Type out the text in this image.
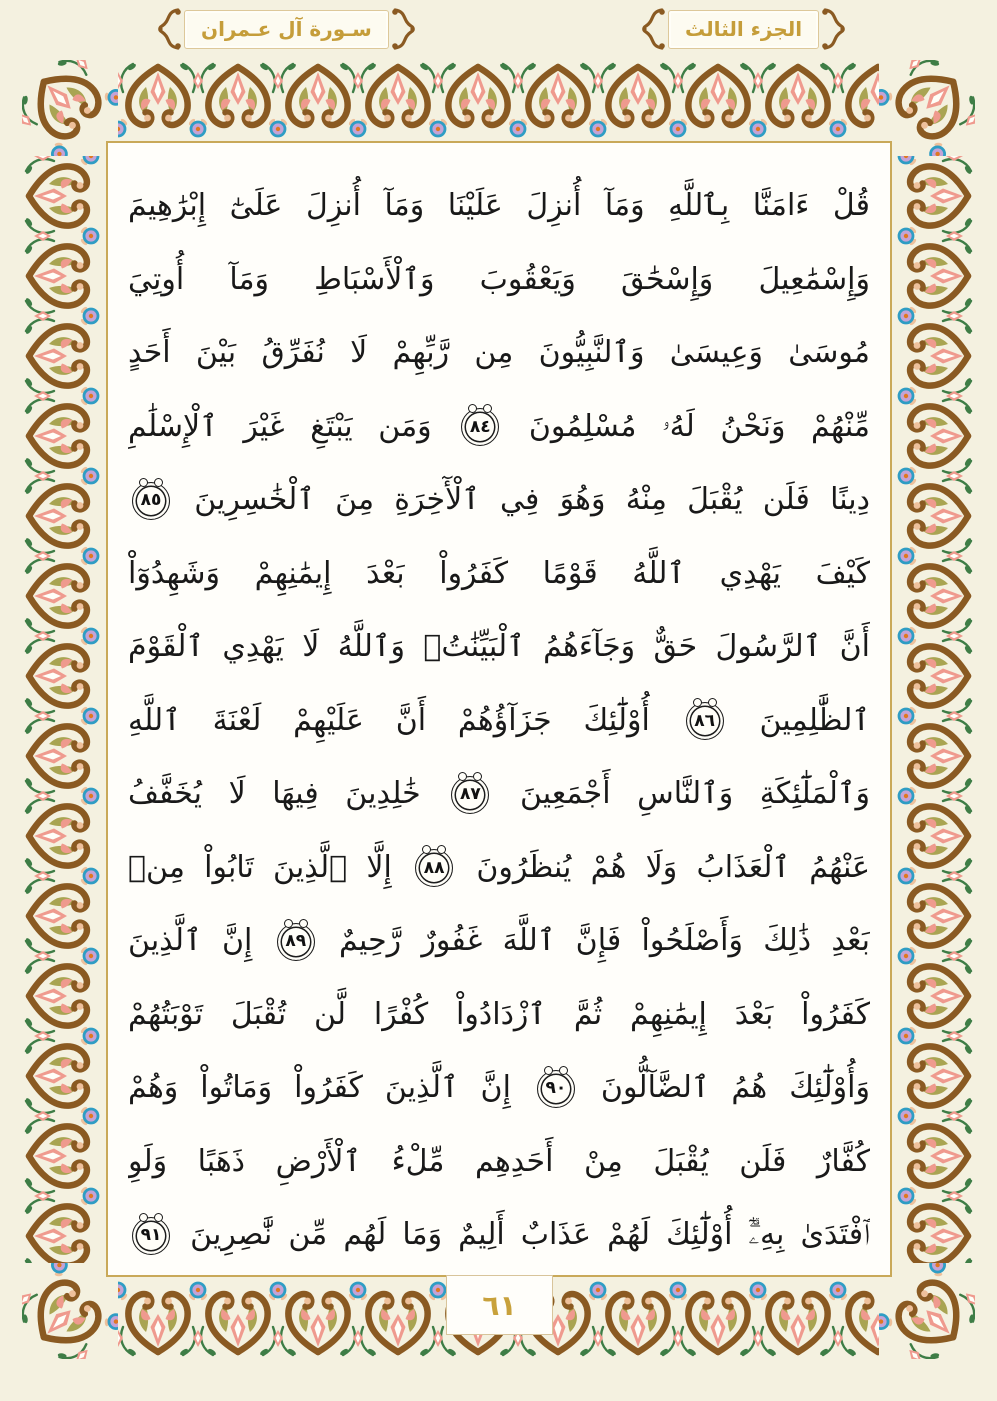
سـورة آل عـمران	الجزء الثالث
قُلْ ءَامَنَّا بِٱللَّهِ وَمَآ أُنزِلَ عَلَيْنَا وَمَآ أُنزِلَ عَلَىٰٓ إِبْرَٰهِيمَ
وَإِسْمَٰعِيلَ وَإِسْحَٰقَ وَيَعْقُوبَ وَٱلْأَسْبَاطِ وَمَآ أُوتِيَ
مُوسَىٰ وَعِيسَىٰ وَٱلنَّبِيُّونَ مِن رَّبِّهِمْ لَا نُفَرِّقُ بَيْنَ أَحَدٍ
مِّنْهُمْ وَنَحْنُ لَهُۥ مُسْلِمُونَ
٨٤
وَمَن يَبْتَغِ غَيْرَ ٱلْإِسْلَٰمِ
دِينًا فَلَن يُقْبَلَ مِنْهُ وَهُوَ فِي ٱلْأٓخِرَةِ مِنَ ٱلْخَٰسِرِينَ
٨٥
كَيْفَ يَهْدِي ٱللَّهُ قَوْمًا كَفَرُواْ بَعْدَ إِيمَٰنِهِمْ وَشَهِدُوٓاْ
أَنَّ ٱلرَّسُولَ حَقٌّ وَجَآءَهُمُ ٱلْبَيِّنَٰتُۚ وَٱللَّهُ لَا يَهْدِي ٱلْقَوْمَ
ٱلظَّٰلِمِينَ
٨٦
أُوْلَٰٓئِكَ جَزَآؤُهُمْ أَنَّ عَلَيْهِمْ لَعْنَةَ ٱللَّهِ
وَٱلْمَلَٰٓئِكَةِ وَٱلنَّاسِ أَجْمَعِينَ
٨٧
خَٰلِدِينَ فِيهَا لَا يُخَفَّفُ
عَنْهُمُ ٱلْعَذَابُ وَلَا هُمْ يُنظَرُونَ
٨٨
إِلَّا ٱلَّذِينَ تَابُواْ مِنۢ
بَعْدِ ذَٰلِكَ وَأَصْلَحُواْ فَإِنَّ ٱللَّهَ غَفُورٌ رَّحِيمٌ
٨٩
إِنَّ ٱلَّذِينَ
كَفَرُواْ بَعْدَ إِيمَٰنِهِمْ ثُمَّ ٱزْدَادُواْ كُفْرًا لَّن تُقْبَلَ تَوْبَتُهُمْ
وَأُوْلَٰٓئِكَ هُمُ ٱلضَّآلُّونَ
٩٠
إِنَّ ٱلَّذِينَ كَفَرُواْ وَمَاتُواْ وَهُمْ
كُفَّارٌ فَلَن يُقْبَلَ مِنْ أَحَدِهِم مِّلْءُ ٱلْأَرْضِ ذَهَبًا وَلَوِ
ٱفْتَدَىٰ بِهِۦٓۗ أُوْلَٰٓئِكَ لَهُمْ عَذَابٌ أَلِيمٌ وَمَا لَهُم مِّن نَّٰصِرِينَ
٩١
٦١
